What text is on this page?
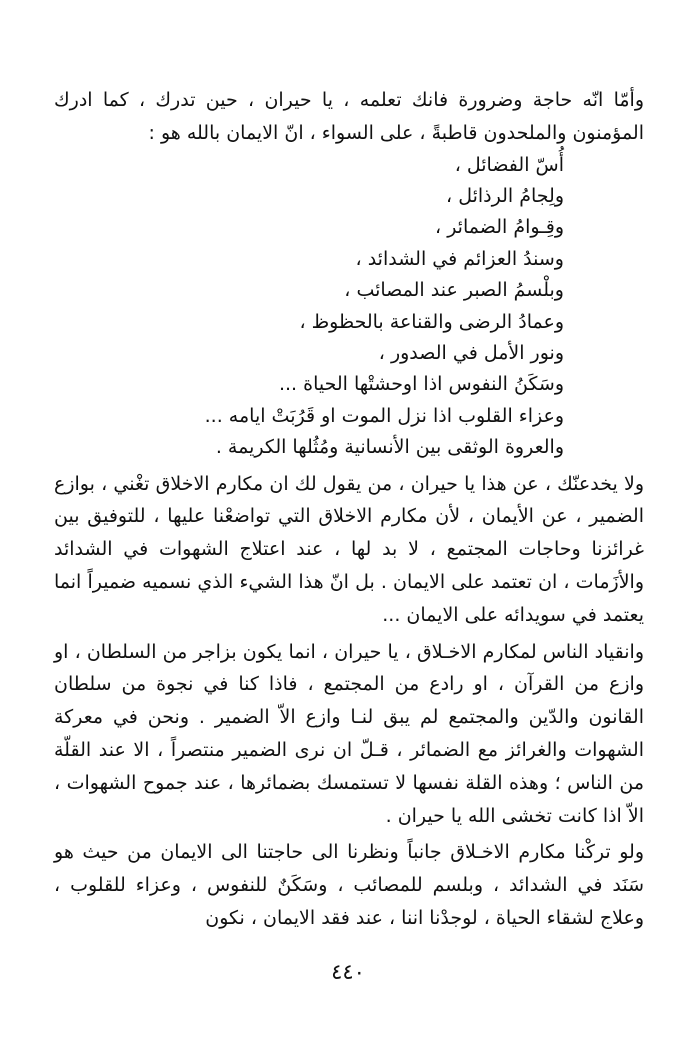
وأمّا انّه حاجة وضرورة فانك تعلمه ، يا حيران ، حين تدرك ، كما ادرك المؤمنون والملحدون قاطبةً ، على السواء ، انّ الايمان بالله هو :

أُسّ الفضائل ،
ولِجامُ الرذائل ،
وقِـوامُ الضمائر ،
وسندُ العزائم في الشدائد ،
وبلْسمُ الصبر عند المصائب ،
وعمادُ الرضى والقناعة بالحظوظ ،
ونور الأمل في الصدور ،
وسَكَنُ النفوس اذا اوحشتْها الحياة ...
وعزاء القلوب اذا نزل الموت او قَرُبَتْ ايامه ...
والعروة الوثقى بين الأنسانية ومُثُلها الكريمة .

ولا يخدعنّك ، عن هذا يا حيران ، من يقول لك ان مكارم الاخلاق تغْني ، بوازع الضمير ، عن الأيمان ، لأن مكارم الاخلاق التي تواضعْنا عليها ، للتوفيق بين غرائزنا وحاجات المجتمع ، لا بد لها ، عند اعتلاج الشهوات في الشدائد والأزَمات ، ان تعتمد على الايمان . بل انّ هذا الشيء الذي نسميه ضميراً انما يعتمد في سويدائه على الايمان ...

وانقياد الناس لمكارم الاخـلاق ، يا حيران ، انما يكون بزاجر من السلطان ، او وازع من القرآن ، او رادع من المجتمع ، فاذا كنا في نجوة من سلطان القانون والدّين والمجتمع لم يبق لنـا وازع الاّ الضمير . ونحن في معركة الشهوات والغرائز مع الضمائر ، قـلّ ان نرى الضمير منتصراً ، الا عند القلّة من الناس ؛ وهذه القلة نفسها لا تستمسك بضمائرها ، عند جموح الشهوات ، الاّ اذا كانت تخشى الله يا حيران .

ولو تركْنا مكارم الاخـلاق جانباً ونظرنا الى حاجتنا الى الايمان من حيث هو سَنَد في الشدائد ، وبلسم للمصائب ، وسَكَنٌ للنفوس ، وعزاء للقلوب ، وعلاج لشقاء الحياة ، لوجدْنا اننا ، عند فقد الايمان ، نكون

٤٤٠
